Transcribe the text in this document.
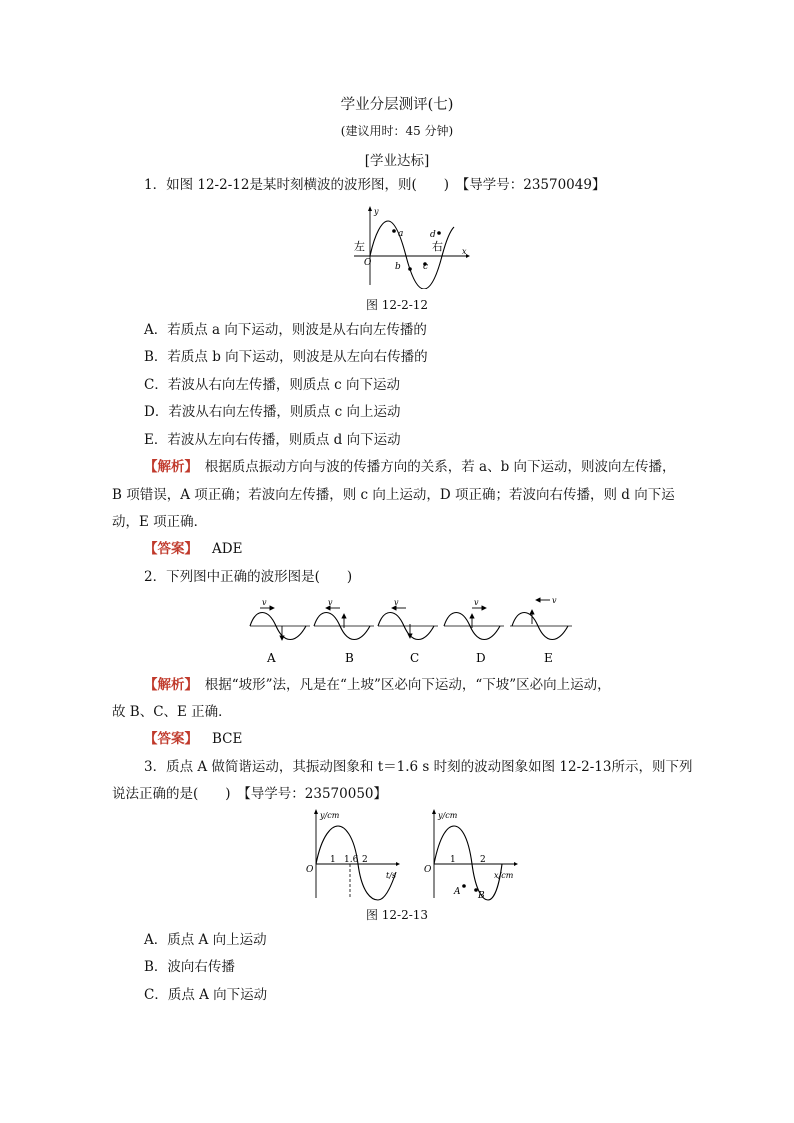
学业分层测评(七)
(建议用时：45 分钟)
[学业达标]
1．如图 12-2-12是某时刻横波的波形图，则(　　)　【导学号：23570049】
a
b c
d
y
x
O
左	右
图 12-2-12
A．若质点 a 向下运动，则波是从右向左传播的
B．若质点 b 向下运动，则波是从左向右传播的
C．若波从右向左传播，则质点 c 向下运动
D．若波从右向左传播，则质点 c 向上运动
E．若波从左向右传播，则质点 d 向下运动
【解析】　根据质点振动方向与波的传播方向的关系，若 a、b 向下运动，则波向左传播，
B 项错误，A 项正确；若波向左传播，则 c 向上运动，D 项正确；若波向右传播，则 d 向下运
动，E 项正确．
【答案】 ADE
2．下列图中正确的波形图是(　　)
v
A
v
B
v
C
v
D
v
E
【解析】　根据“坡形”法，凡是在“上坡”区必向下运动，“下坡”区必向上运动，
故 B、C、E 正确．
【答案】 BCE
3．质点 A 做简谐运动，其振动图象和 t＝1.6 s 时刻的波动图象如图 12-2-13所示，则下列
说法正确的是(　　)　【导学号：23570050】
y/cm
t/s
O
1 1.6 2
y/cm
x/cm
O
1	2
A B
图 12-2-13
A．质点 A 向上运动
B．波向右传播
C．质点 A 向下运动
